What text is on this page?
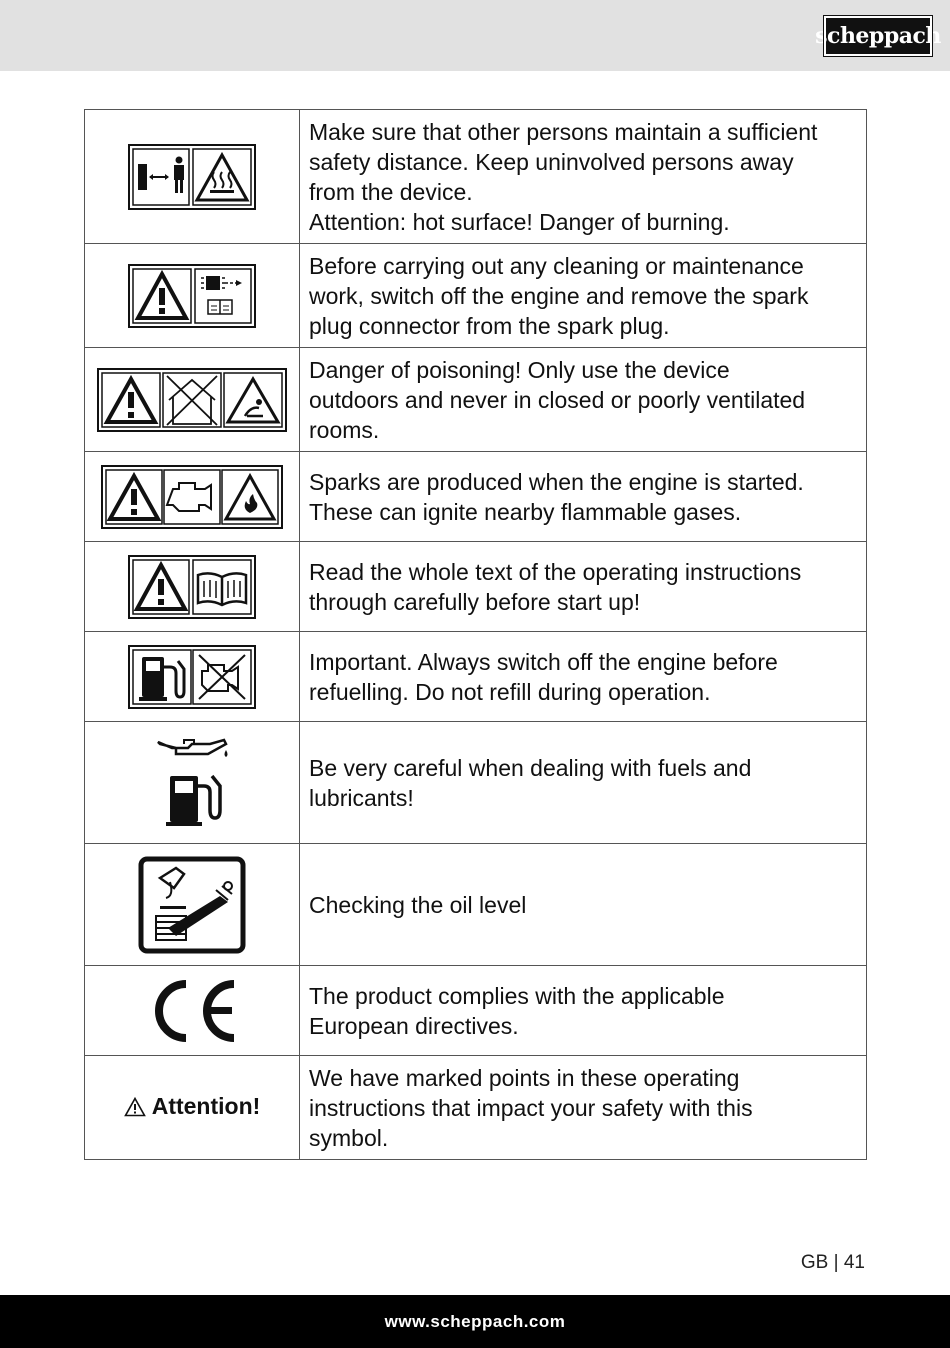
scheppach

Make sure that other persons maintain a sufficient
safety distance. Keep uninvolved persons away
from the device.
Attention: hot surface! Danger of burning.

Before carrying out any cleaning or maintenance
work, switch off the engine and remove the spark
plug connector from the spark plug.

Danger of poisoning! Only use the device
outdoors and never in closed or poorly ventilated
rooms.

Sparks are produced when the engine is started.
These can ignite nearby flammable gases.

Read the whole text of the operating instructions
through carefully before start up!

Important. Always switch off the engine before
refuelling. Do not refill during operation.

Be very careful when dealing with fuels and
lubricants!

Checking the oil level

The product complies with the applicable
European directives.

Attention!	We have marked points in these operating
instructions that impact your safety with this
symbol.
GB | 41
www.scheppach.com
